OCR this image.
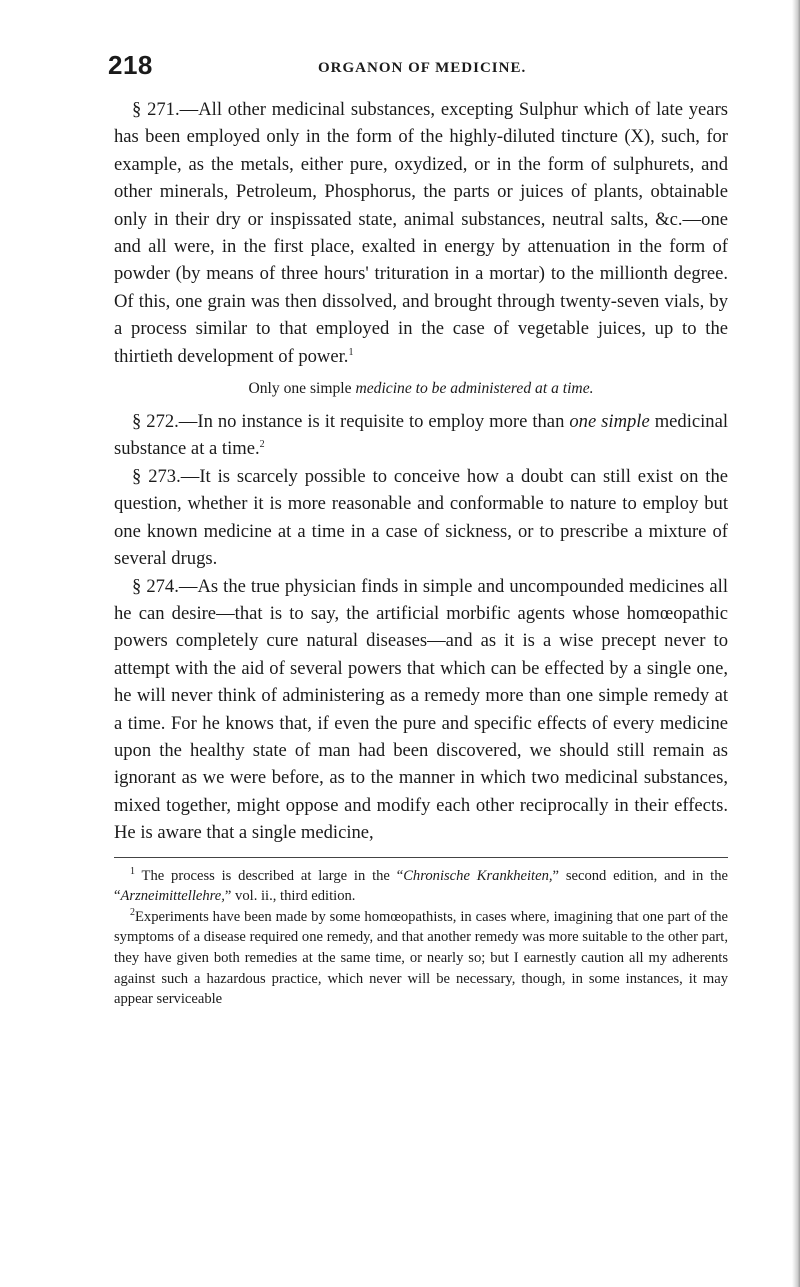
218	ORGANON OF MEDICINE.

§ 271.—All other medicinal substances, excepting Sulphur which of late years has been employed only in the form of the highly-diluted tincture (X), such, for example, as the metals, either pure, oxydized, or in the form of sulphurets, and other minerals, Petroleum, Phosphorus, the parts or juices of plants, obtainable only in their dry or inspissated state, animal substances, neutral salts, &c.—one and all were, in the first place, exalted in energy by attenuation in the form of powder (by means of three hours' trituration in a mortar) to the millionth degree. Of this, one grain was then dissolved, and brought through twenty-seven vials, by a process similar to that employed in the case of vegetable juices, up to the thirtieth development of power.$^1$

Only one simple medicine to be administered at a time.

§ 272.—In no instance is it requisite to employ more than one simple medicinal substance at a time.$^2$

§ 273.—It is scarcely possible to conceive how a doubt can still exist on the question, whether it is more reasonable and conformable to nature to employ but one known medicine at a time in a case of sickness, or to prescribe a mixture of several drugs.

§ 274.—As the true physician finds in simple and uncompounded medicines all he can desire—that is to say, the artificial morbific agents whose homœopathic powers completely cure natural diseases—and as it is a wise precept never to attempt with the aid of several powers that which can be effected by a single one, he will never think of administering as a remedy more than one simple remedy at a time. For he knows that, if even the pure and specific effects of every medicine upon the healthy state of man had been discovered, we should still remain as ignorant as we were before, as to the manner in which two medicinal substances, mixed together, might oppose and modify each other reciprocally in their effects. He is aware that a single medicine,

$^1$ The process is described at large in the “Chronische Krankheiten,” second edition, and in the “Arzneimittellehre,” vol. ii., third edition.

$^2$Experiments have been made by some homœopathists, in cases where, imagining that one part of the symptoms of a disease required one remedy, and that another remedy was more suitable to the other part, they have given both remedies at the same time, or nearly so; but I earnestly caution all my adherents against such a hazardous practice, which never will be necessary, though, in some instances, it may appear serviceable
